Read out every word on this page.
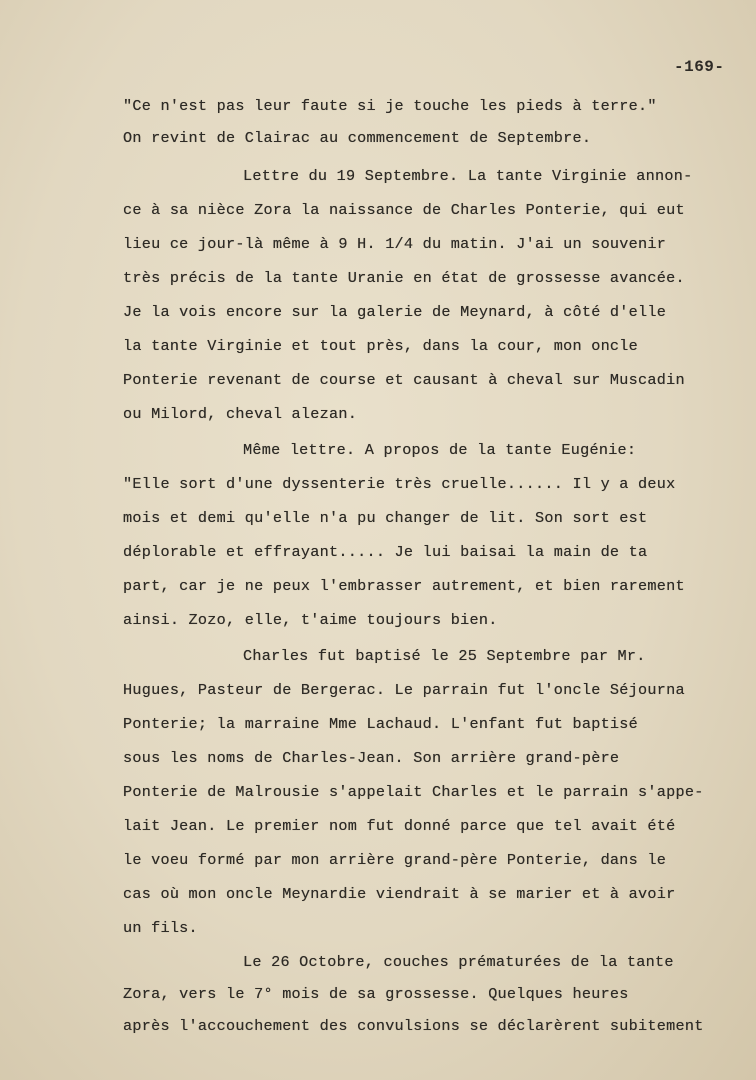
-169-
"Ce n'est pas leur faute si je touche les pieds à terre."
On revint de Clairac au commencement de Septembre.
Lettre du 19 Septembre. La tante Virginie annon-
ce à sa nièce Zora la naissance de Charles Ponterie, qui eut
lieu ce jour-là même à 9 H. 1/4 du matin. J'ai un souvenir
très précis de la tante Uranie en état de grossesse avancée.
Je la vois encore sur la galerie de Meynard, à côté d'elle
la tante Virginie et tout près, dans la cour, mon oncle
Ponterie revenant de course et causant à cheval sur Muscadin
ou Milord, cheval alezan.
Même lettre. A propos de la tante Eugénie:
"Elle sort d'une dyssenterie très cruelle...... Il y a deux
mois et demi qu'elle n'a pu changer de lit. Son sort est
déplorable et effrayant..... Je lui baisai la main de ta
part, car je ne peux l'embrasser autrement, et bien rarement
ainsi. Zozo, elle, t'aime toujours bien.
Charles fut baptisé le 25 Septembre par Mr.
Hugues, Pasteur de Bergerac. Le parrain fut l'oncle Séjourna
Ponterie; la marraine Mme Lachaud. L'enfant fut baptisé
sous les noms de Charles-Jean. Son arrière grand-père
Ponterie de Malrousie s'appelait Charles et le parrain s'appe-
lait Jean. Le premier nom fut donné parce que tel avait été
le voeu formé par mon arrière grand-père Ponterie, dans le
cas où mon oncle Meynardie viendrait à se marier et à avoir
un fils.
Le 26 Octobre, couches prématurées de la tante
Zora, vers le 7° mois de sa grossesse. Quelques heures
après l'accouchement des convulsions se déclarèrent subitement
